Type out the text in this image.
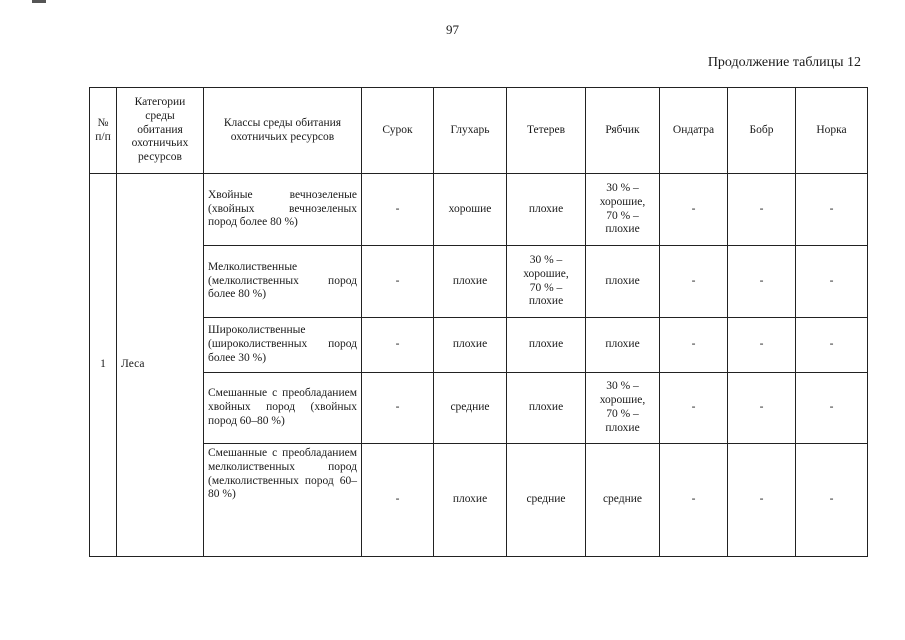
97
Продолжение таблицы 12
№
п/п	Категории
среды
обитания
охотничьих
ресурсов	Классы среды обитания
охотничьих ресурсов	Сурок	Глухарь	Тетерев	Рябчик	Ондатра	Бобр	Норка
1	Леса	Хвойные вечнозеленые (хвойных вечнозеленых пород более 80 %)	-	хорошие	плохие	30 % –
хорошие,
70 % –
плохие	-	-	-
		Мелколиственные (мелколиственных пород более 80 %)	-	плохие	30 % –
хорошие,
70 % –
плохие	плохие	-	-	-
		Широколиственные (широколиственных пород более 30 %)	-	плохие	плохие	плохие	-	-	-
		Смешанные с преобладанием хвойных пород (хвойных пород 60–80 %)	-	средние	плохие	30 % –
хорошие,
70 % –
плохие	-	-	-
		Смешанные с преобладанием мелколиственных пород (мелколиственных пород 60–80 %)	-	плохие	средние	средние	-	-	-
